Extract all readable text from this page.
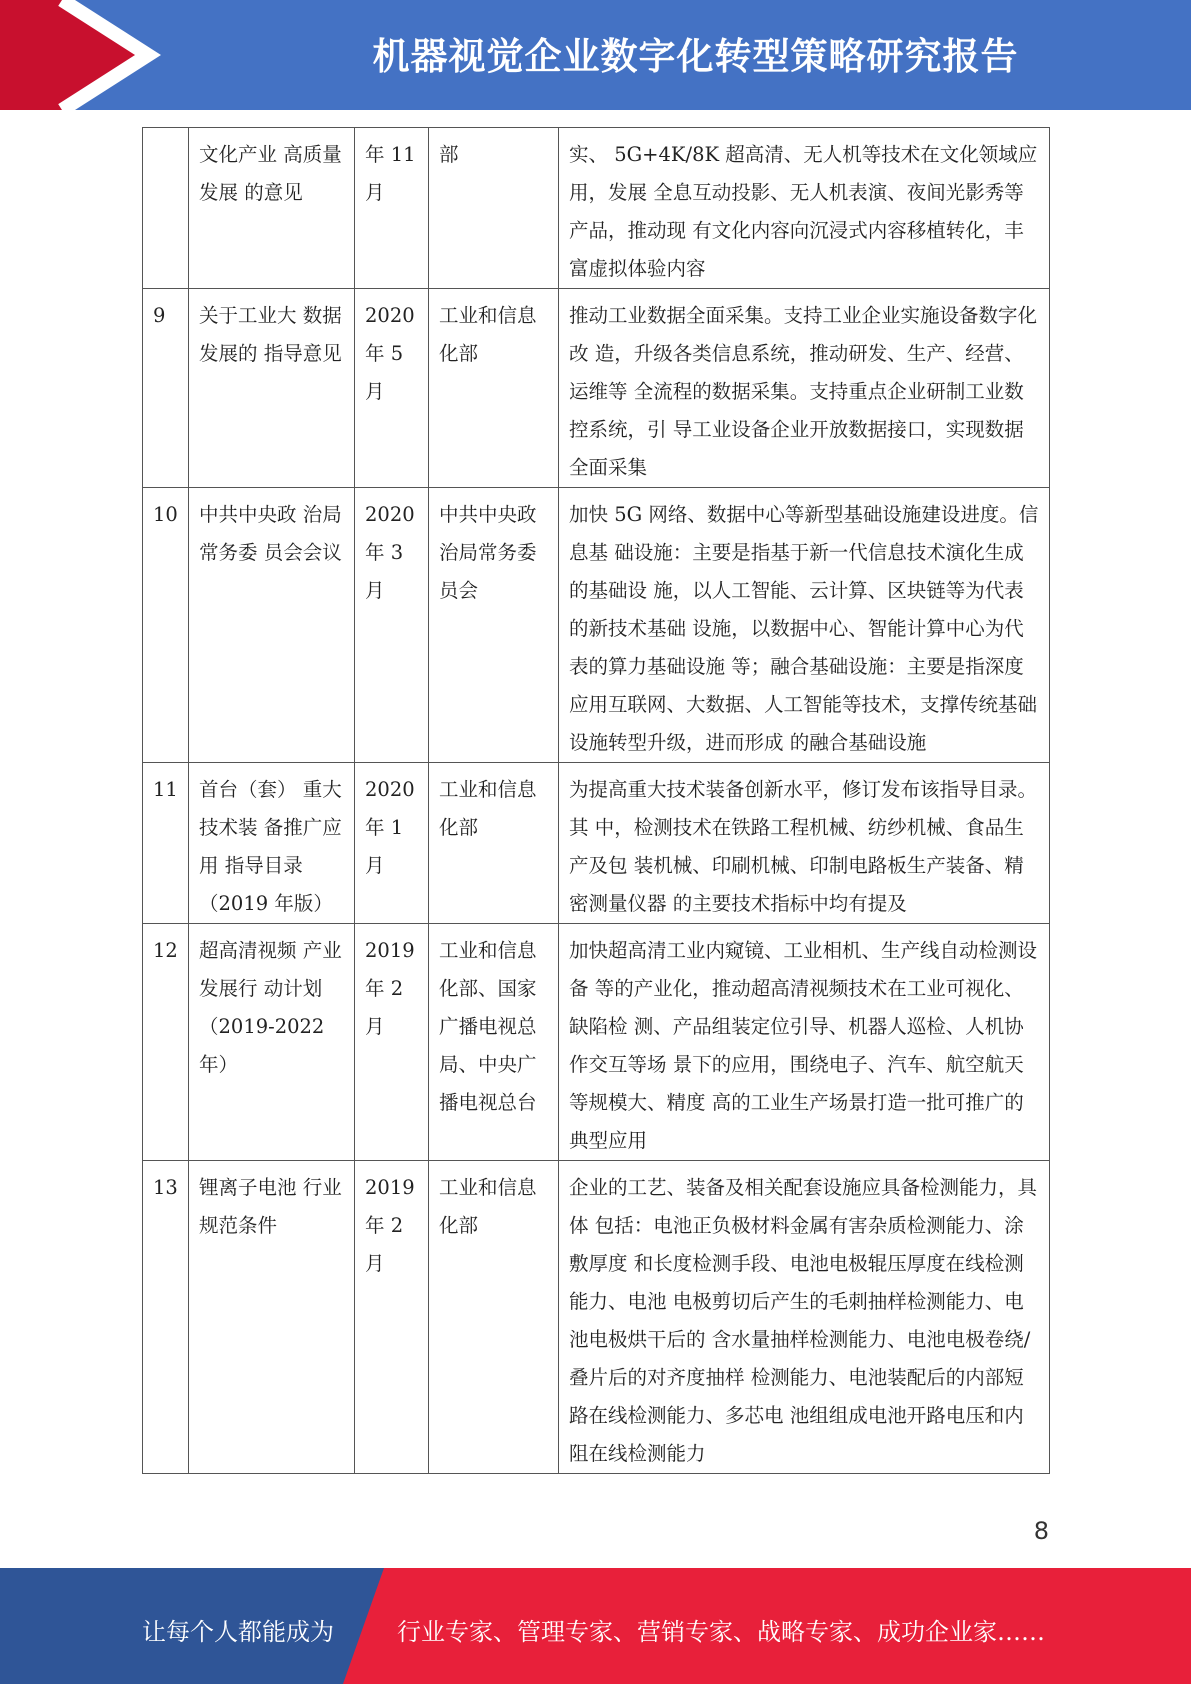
机器视觉企业数字化转型策略研究报告
	文化产业 高质量发展 的意见	年 11 月	部	实、 5G+4K/8K 超高清、无人机等技术在文化领域应用，发展 全息互动投影、无人机表演、夜间光影秀等产品，推动现 有文化内容向沉浸式内容移植转化，丰富虚拟体验内容
9	关于工业大 数据发展的 指导意见	2020 年 5 月	工业和信息化部	推动工业数据全面采集。支持工业企业实施设备数字化改 造，升级各类信息系统，推动研发、生产、经营、运维等 全流程的数据采集。支持重点企业研制工业数控系统，引 导工业设备企业开放数据接口，实现数据全面采集
10	中共中央政 治局常务委 员会会议	2020 年 3 月	中共中央政治局常务委员会	加快 5G 网络、数据中心等新型基础设施建设进度。信息基 础设施：主要是指基于新一代信息技术演化生成的基础设 施，以人工智能、云计算、区块链等为代表的新技术基础 设施，以数据中心、智能计算中心为代表的算力基础设施 等；融合基础设施：主要是指深度应用互联网、大数据、人工智能等技术，支撑传统基础设施转型升级，进而形成 的融合基础设施
11	首台（套） 重大技术装 备推广应用 指导目录（2019 年版）	2020 年 1 月	工业和信息化部	为提高重大技术装备创新水平，修订发布该指导目录。其 中，检测技术在铁路工程机械、纺纱机械、食品生产及包 装机械、印刷机械、印制电路板生产装备、精密测量仪器 的主要技术指标中均有提及
12	超高清视频 产业发展行 动计划 （2019-2022 年）	2019 年 2 月	工业和信息化部、国家广播电视总局、中央广播电视总台	加快超高清工业内窥镜、工业相机、生产线自动检测设备 等的产业化，推动超高清视频技术在工业可视化、缺陷检 测、产品组装定位引导、机器人巡检、人机协作交互等场 景下的应用，围绕电子、汽车、航空航天等规模大、精度 高的工业生产场景打造一批可推广的典型应用
13	锂离子电池 行业规范条件	2019 年 2 月	工业和信息化部	企业的工艺、装备及相关配套设施应具备检测能力，具体 包括：电池正负极材料金属有害杂质检测能力、涂敷厚度 和长度检测手段、电池电极辊压厚度在线检测能力、电池 电极剪切后产生的毛刺抽样检测能力、电池电极烘干后的 含水量抽样检测能力、电池电极卷绕/叠片后的对齐度抽样 检测能力、电池装配后的内部短路在线检测能力、多芯电 池组组成电池开路电压和内阻在线检测能力
8
让每个人都能成为	行业专家、管理专家、营销专家、战略专家、成功企业家……
